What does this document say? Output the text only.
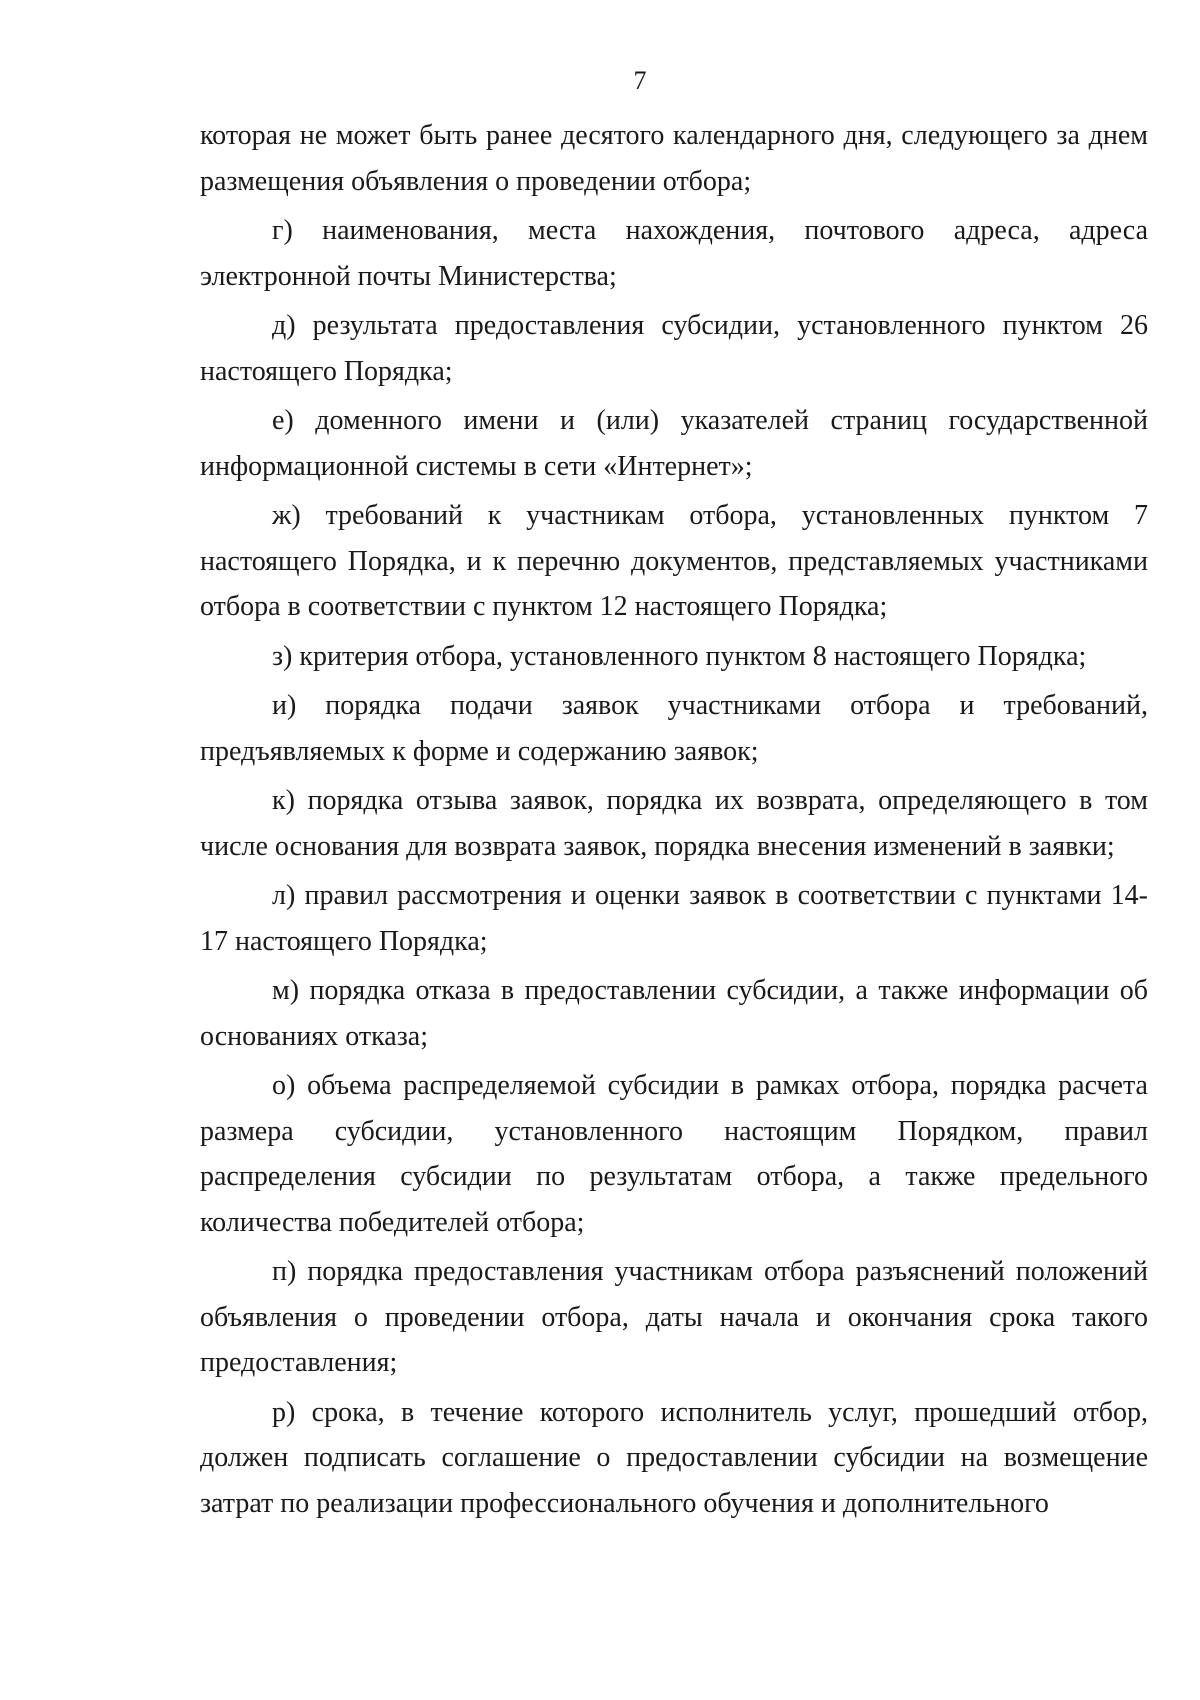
7

которая не может быть ранее десятого календарного дня, следующего за днем размещения объявления о проведении отбора;

г) наименования, места нахождения, почтового адреса, адреса электронной почты Министерства;

д) результата предоставления субсидии, установленного пунктом 26 настоящего Порядка;

е) доменного имени и (или) указателей страниц государственной информационной системы в сети «Интернет»;

ж) требований к участникам отбора, установленных пунктом 7 настоящего Порядка, и к перечню документов, представляемых участниками отбора в соответствии с пунктом 12 настоящего Порядка;

з) критерия отбора, установленного пунктом 8 настоящего Порядка;

и) порядка подачи заявок участниками отбора и требований, предъявляемых к форме и содержанию заявок;

к) порядка отзыва заявок, порядка их возврата, определяющего в том числе основания для возврата заявок, порядка внесения изменений в заявки;

л) правил рассмотрения и оценки заявок в соответствии с пунктами 14-17 настоящего Порядка;

м) порядка отказа в предоставлении субсидии, а также информации об основаниях отказа;

о) объема распределяемой субсидии в рамках отбора, порядка расчета размера субсидии, установленного настоящим Порядком, правил распределения субсидии по результатам отбора, а также предельного количества победителей отбора;

п) порядка предоставления участникам отбора разъяснений положений объявления о проведении отбора, даты начала и окончания срока такого предоставления;

р) срока, в течение которого исполнитель услуг, прошедший отбор, должен подписать соглашение о предоставлении субсидии на возмещение затрат по реализации профессионального обучения и дополнительного
